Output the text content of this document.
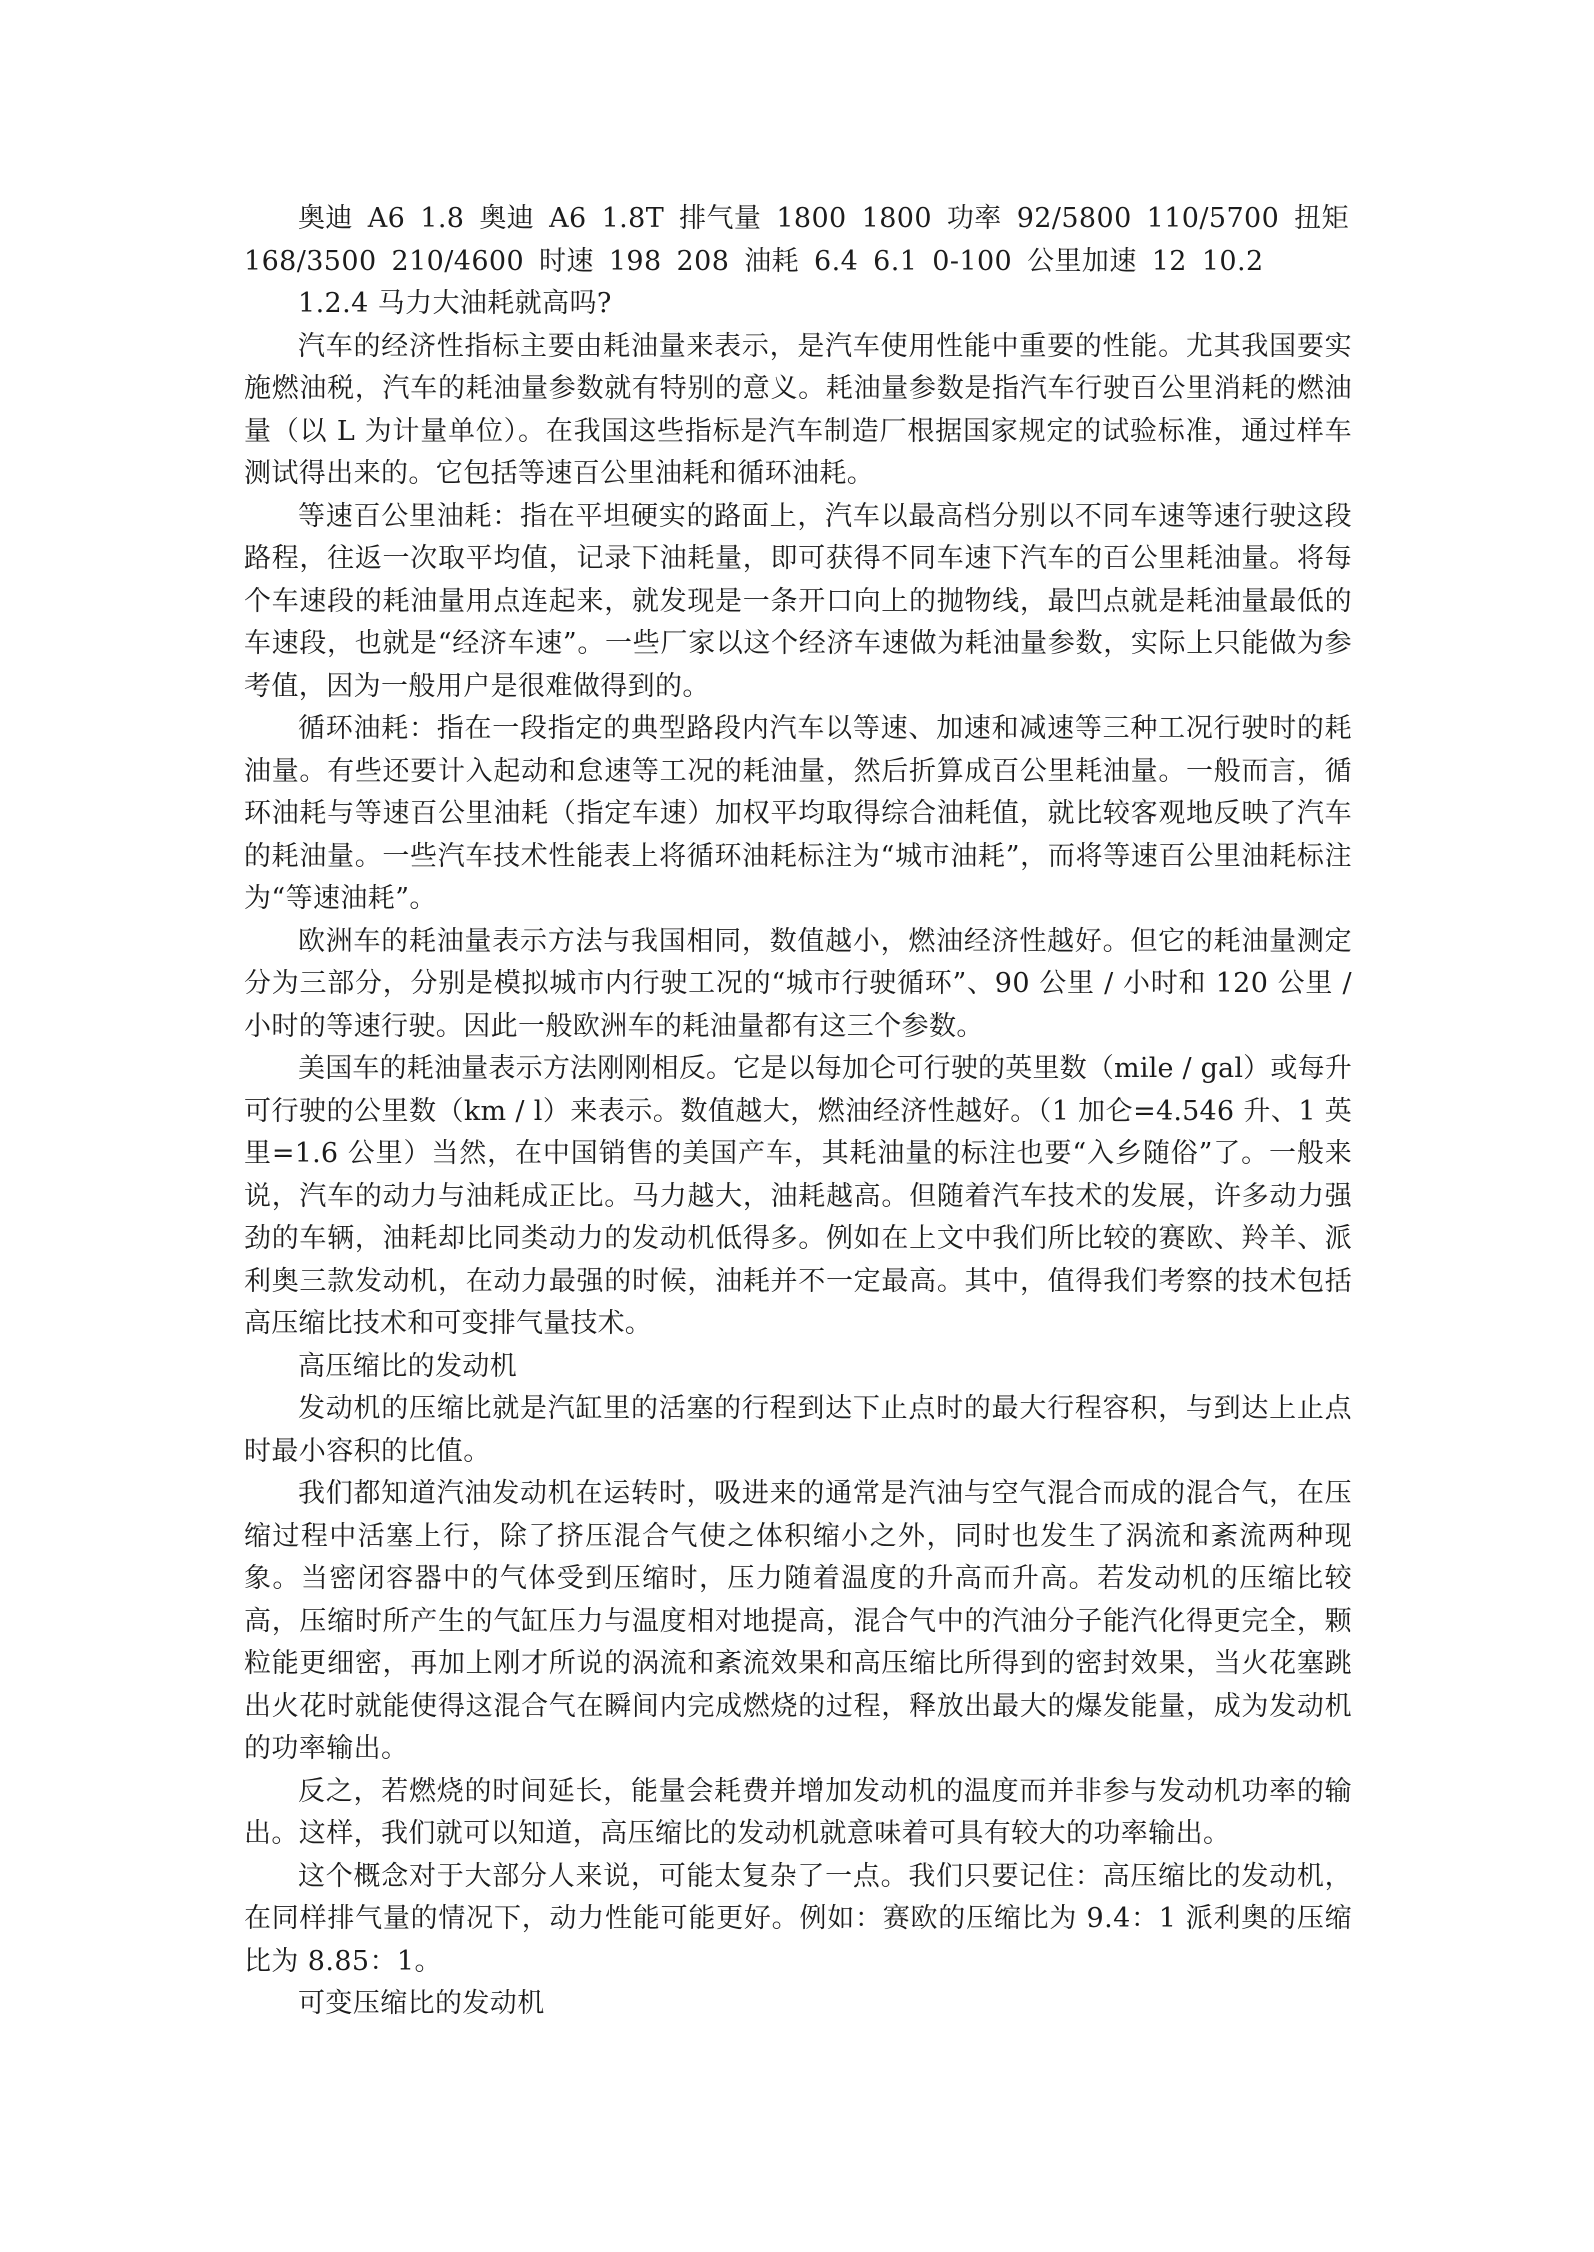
奥迪 A6 1.8 奥迪 A6 1.8T 排气量 1800 1800 功率 92/5800 110/5700 扭矩 168/3500 210/4600 时速 198 208 油耗 6.4 6.1 0-100 公里加速 12 10.2

1.2.4 马力大油耗就高吗?

汽车的经济性指标主要由耗油量来表示，是汽车使用性能中重要的性能。尤其我国要实施燃油税，汽车的耗油量参数就有特别的意义。耗油量参数是指汽车行驶百公里消耗的燃油量（以 L 为计量单位）。在我国这些指标是汽车制造厂根据国家规定的试验标准，通过样车测试得出来的。它包括等速百公里油耗和循环油耗。

等速百公里油耗：指在平坦硬实的路面上，汽车以最高档分别以不同车速等速行驶这段路程，往返一次取平均值，记录下油耗量，即可获得不同车速下汽车的百公里耗油量。将每个车速段的耗油量用点连起来，就发现是一条开口向上的抛物线，最凹点就是耗油量最低的车速段，也就是“经济车速”。一些厂家以这个经济车速做为耗油量参数，实际上只能做为参考值，因为一般用户是很难做得到的。

循环油耗：指在一段指定的典型路段内汽车以等速、加速和减速等三种工况行驶时的耗油量。有些还要计入起动和怠速等工况的耗油量，然后折算成百公里耗油量。一般而言，循环油耗与等速百公里油耗（指定车速）加权平均取得综合油耗值，就比较客观地反映了汽车的耗油量。一些汽车技术性能表上将循环油耗标注为“城市油耗”，而将等速百公里油耗标注为“等速油耗”。

欧洲车的耗油量表示方法与我国相同，数值越小，燃油经济性越好。但它的耗油量测定分为三部分，分别是模拟城市内行驶工况的“城市行驶循环”、90 公里 / 小时和 120 公里 / 小时的等速行驶。因此一般欧洲车的耗油量都有这三个参数。

美国车的耗油量表示方法刚刚相反。它是以每加仑可行驶的英里数（mile / gal）或每升可行驶的公里数（km / l）来表示。数值越大，燃油经济性越好。（1 加仑=4.546 升、1 英里=1.6 公里）当然，在中国销售的美国产车，其耗油量的标注也要“入乡随俗”了。一般来说，汽车的动力与油耗成正比。马力越大，油耗越高。但随着汽车技术的发展，许多动力强劲的车辆，油耗却比同类动力的发动机低得多。例如在上文中我们所比较的赛欧、羚羊、派利奥三款发动机，在动力最强的时候，油耗并不一定最高。其中，值得我们考察的技术包括高压缩比技术和可变排气量技术。

高压缩比的发动机

发动机的压缩比就是汽缸里的活塞的行程到达下止点时的最大行程容积，与到达上止点时最小容积的比值。

我们都知道汽油发动机在运转时，吸进来的通常是汽油与空气混合而成的混合气，在压缩过程中活塞上行，除了挤压混合气使之体积缩小之外，同时也发生了涡流和紊流两种现象。当密闭容器中的气体受到压缩时，压力随着温度的升高而升高。若发动机的压缩比较高，压缩时所产生的气缸压力与温度相对地提高，混合气中的汽油分子能汽化得更完全，颗粒能更细密，再加上刚才所说的涡流和紊流效果和高压缩比所得到的密封效果，当火花塞跳出火花时就能使得这混合气在瞬间内完成燃烧的过程，释放出最大的爆发能量，成为发动机的功率输出。

反之，若燃烧的时间延长，能量会耗费并增加发动机的温度而并非参与发动机功率的输出。这样，我们就可以知道，高压缩比的发动机就意味着可具有较大的功率输出。

这个概念对于大部分人来说，可能太复杂了一点。我们只要记住：高压缩比的发动机，在同样排气量的情况下，动力性能可能更好。例如：赛欧的压缩比为 9.4：1 派利奥的压缩比为 8.85：1。

可变压缩比的发动机
